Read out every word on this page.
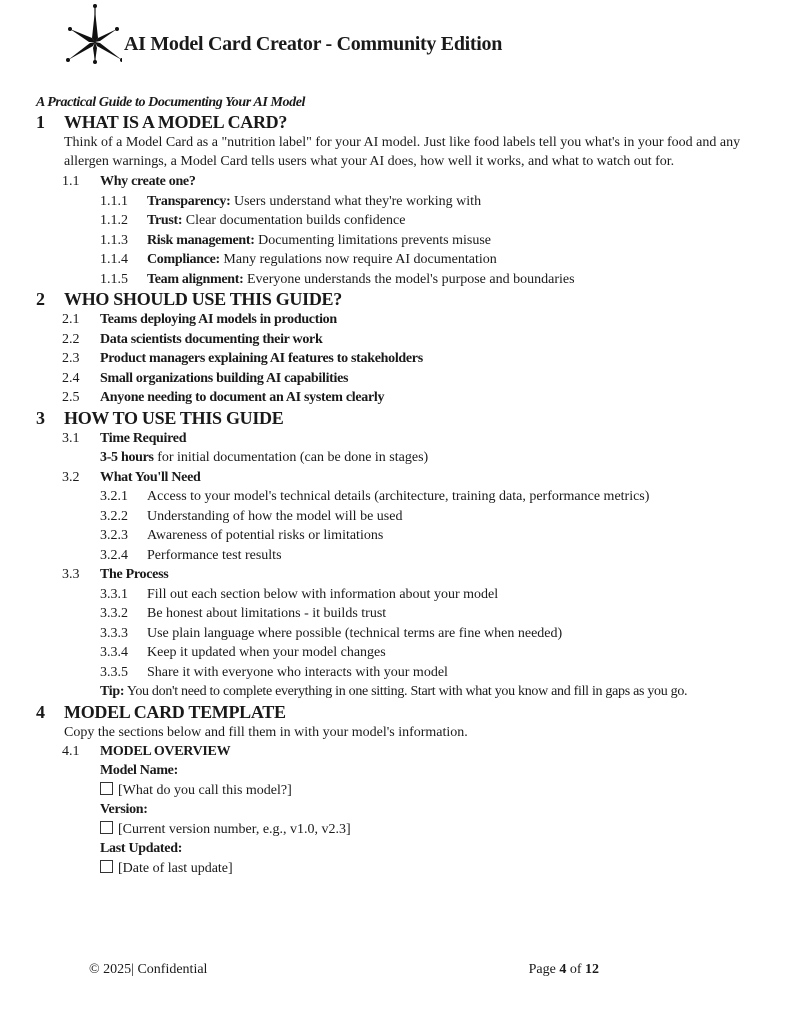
AI Model Card Creator - Community Edition
A Practical Guide to Documenting Your AI Model
1	WHAT IS A MODEL CARD?
Think of a Model Card as a "nutrition label" for your AI model. Just like food labels tell you what's in your food and any allergen warnings, a Model Card tells users what your AI does, how well it works, and what to watch out for.
1.1	Why create one?
1.1.1	Transparency: Users understand what they're working with
1.1.2	Trust: Clear documentation builds confidence
1.1.3	Risk management: Documenting limitations prevents misuse
1.1.4	Compliance: Many regulations now require AI documentation
1.1.5	Team alignment: Everyone understands the model's purpose and boundaries
2	WHO SHOULD USE THIS GUIDE?
2.1	Teams deploying AI models in production
2.2	Data scientists documenting their work
2.3	Product managers explaining AI features to stakeholders
2.4	Small organizations building AI capabilities
2.5	Anyone needing to document an AI system clearly
3	HOW TO USE THIS GUIDE
3.1	Time Required
3-5 hours for initial documentation (can be done in stages)
3.2	What You'll Need
3.2.1	Access to your model's technical details (architecture, training data, performance metrics)
3.2.2	Understanding of how the model will be used
3.2.3	Awareness of potential risks or limitations
3.2.4	Performance test results
3.3	The Process
3.3.1	Fill out each section below with information about your model
3.3.2	Be honest about limitations - it builds trust
3.3.3	Use plain language where possible (technical terms are fine when needed)
3.3.4	Keep it updated when your model changes
3.3.5	Share it with everyone who interacts with your model
Tip: You don't need to complete everything in one sitting. Start with what you know and fill in gaps as you go.
4	MODEL CARD TEMPLATE
Copy the sections below and fill them in with your model's information.
4.1	MODEL OVERVIEW
Model Name:
[What do you call this model?]
Version:
[Current version number, e.g., v1.0, v2.3]
Last Updated:
[Date of last update]
© 2025| Confidential	Page 4 of 12
